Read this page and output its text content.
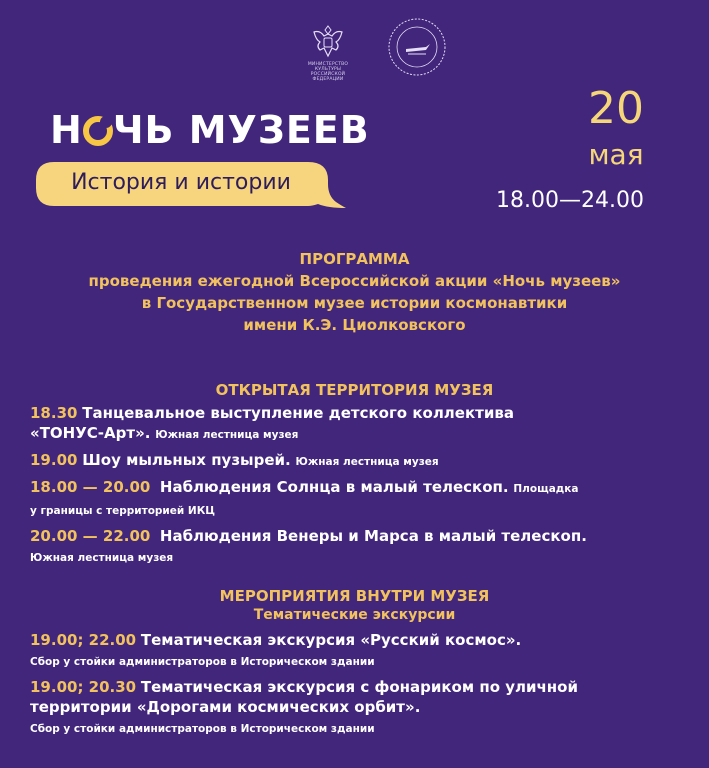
МИНИСТЕРСТВО КУЛЬТУРЫ
РОССИЙСКОЙ ФЕДЕРАЦИИ
Н ЧЬ МУЗЕЕВ
История и истории
20
мая
18.00—24.00
ПРОГРАММА

проведения ежегодной Всероссийской акции «Ночь музеев»
в Государственном музее истории космонавтики
имени К.Э. Циолковского

ОТКРЫТАЯ ТЕРРИТОРИЯ МУЗЕЯ
18.30 Танцевальное выступление детского коллектива
«ТОНУС-Арт». Южная лестница музея
19.00 Шоу мыльных пузырей. Южная лестница музея
18.00 — 20.00 Наблюдения Солнца в малый телескоп. Площадка
у границы с территорией ИКЦ
20.00 — 22.00 Наблюдения Венеры и Марса в малый телескоп.
Южная лестница музея
МЕРОПРИЯТИЯ ВНУТРИ МУЗЕЯ

Тематические экскурсии

19.00; 22.00 Тематическая экскурсия «Русский космос».
Сбор у стойки администраторов в Историческом здании
19.00; 20.30 Тематическая экскурсия с фонариком по уличной
территории «Дорогами космических орбит».
Сбор у стойки администраторов в Историческом здании
